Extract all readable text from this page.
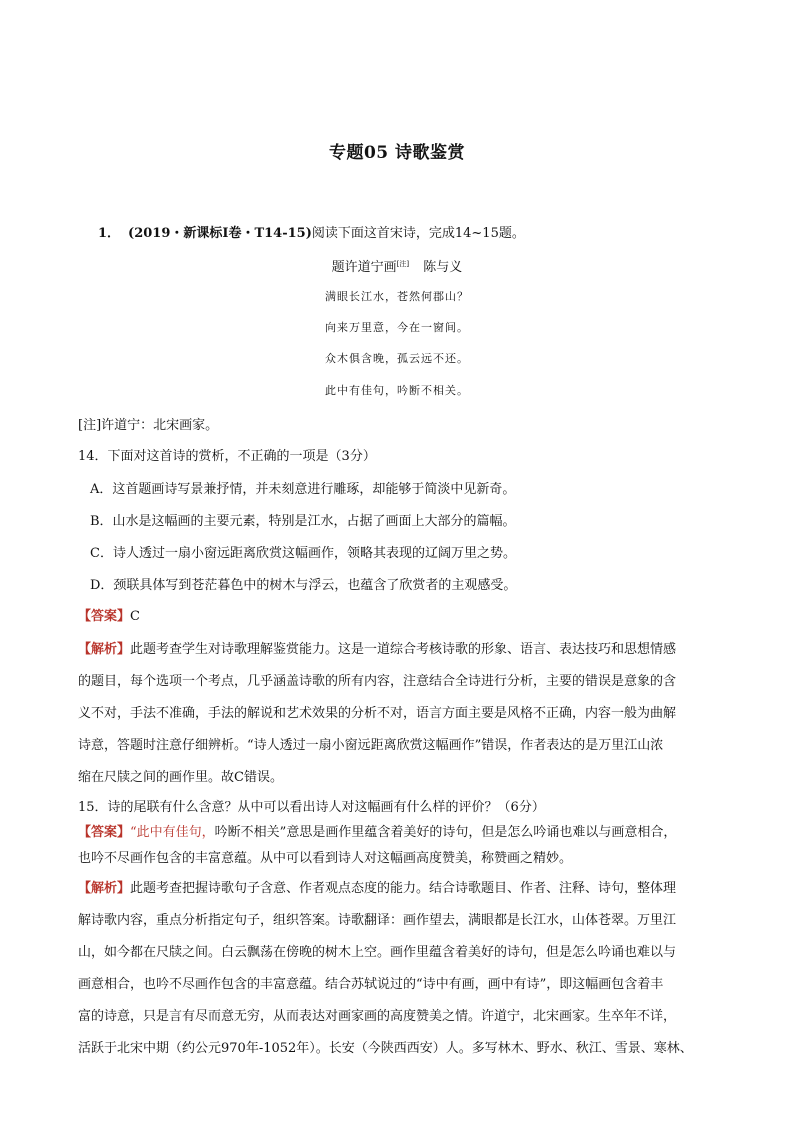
专题05 诗歌鉴赏
1． (2019・新课标Ⅰ卷・T14-15)阅读下面这首宋诗，完成14~15题。
题许道宁画[注] 陈与义
满眼长江水，苍然何郡山？
向来万里意，今在一窗间。
众木俱含晚，孤云远不还。
此中有佳句，吟断不相关。
[注]许道宁：北宋画家。
14．下面对这首诗的赏析，不正确的一项是（3分）
A．这首题画诗写景兼抒情，并未刻意进行雕琢，却能够于简淡中见新奇。
B．山水是这幅画的主要元素，特别是江水，占据了画面上大部分的篇幅。
C．诗人透过一扇小窗远距离欣赏这幅画作，领略其表现的辽阔万里之势。
D．颈联具体写到苍茫暮色中的树木与浮云，也蕴含了欣赏者的主观感受。
【答案】C
【解析】此题考查学生对诗歌理解鉴赏能力。这是一道综合考核诗歌的形象、语言、表达技巧和思想情感
的题目，每个选项一个考点，几乎涵盖诗歌的所有内容，注意结合全诗进行分析，主要的错误是意象的含
义不对，手法不准确，手法的解说和艺术效果的分析不对，语言方面主要是风格不正确，内容一般为曲解
诗意，答题时注意仔细辨析。“诗人透过一扇小窗远距离欣赏这幅画作”错误，作者表达的是万里江山浓
缩在尺牍之间的画作里。故C错误。
15．诗的尾联有什么含意？从中可以看出诗人对这幅画有什么样的评价？（6分）
【答案】“此中有佳句，吟断不相关”意思是画作里蕴含着美好的诗句，但是怎么吟诵也难以与画意相合，
也吟不尽画作包含的丰富意蕴。从中可以看到诗人对这幅画高度赞美，称赞画之精妙。
【解析】此题考查把握诗歌句子含意、作者观点态度的能力。结合诗歌题目、作者、注释、诗句，整体理
解诗歌内容，重点分析指定句子，组织答案。诗歌翻译：画作望去，满眼都是长江水，山体苍翠。万里江
山，如今都在尺牍之间。白云飘荡在傍晚的树木上空。画作里蕴含着美好的诗句，但是怎么吟诵也难以与
画意相合，也吟不尽画作包含的丰富意蕴。结合苏轼说过的“诗中有画，画中有诗”，即这幅画包含着丰
富的诗意，只是言有尽而意无穷，从而表达对画家画的高度赞美之情。许道宁，北宋画家。生卒年不详，
活跃于北宋中期（约公元970年-1052年）。长安（今陕西西安）人。多写林木、野水、秋江、雪景、寒林、
